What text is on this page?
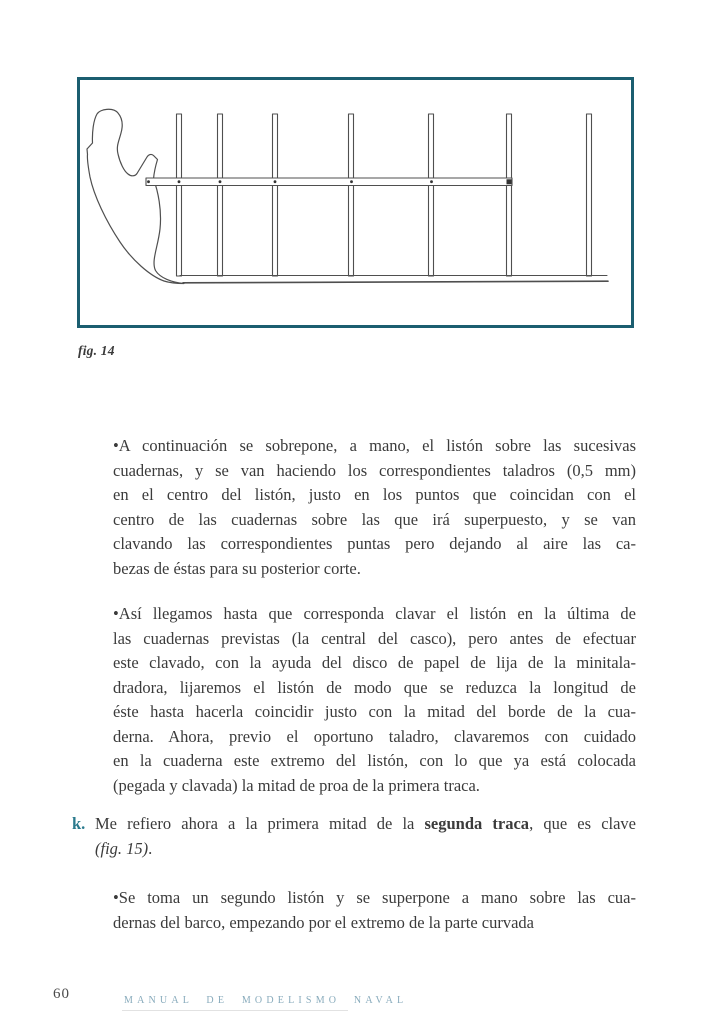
fig. 14
•A continuación se sobrepone, a mano, el listón sobre las sucesivas
cuadernas, y se van haciendo los correspondientes taladros (0,5 mm)
en el centro del listón, justo en los puntos que coincidan con el
centro de las cuadernas sobre las que irá superpuesto, y se van
clavando las correspondientes puntas pero dejando al aire las ca-
bezas de éstas para su posterior corte.
•Así llegamos hasta que corresponda clavar el listón en la última de
las cuadernas previstas (la central del casco), pero antes de efectuar
este clavado, con la ayuda del disco de papel de lija de la minitala-
dradora, lijaremos el listón de modo que se reduzca la longitud de
éste hasta hacerla coincidir justo con la mitad del borde de la cua-
derna. Ahora, previo el oportuno taladro, clavaremos con cuidado
en la cuaderna este extremo del listón, con lo que ya está colocada
(pegada y clavada) la mitad de proa de la primera traca.
k. Me refiero ahora a la primera mitad de la segunda traca, que es clave
(fig. 15).
•Se toma un segundo listón y se superpone a mano sobre las cua-
dernas del barco, empezando por el extremo de la parte curvada
60	MANUAL DE MODELISMO NAVAL
